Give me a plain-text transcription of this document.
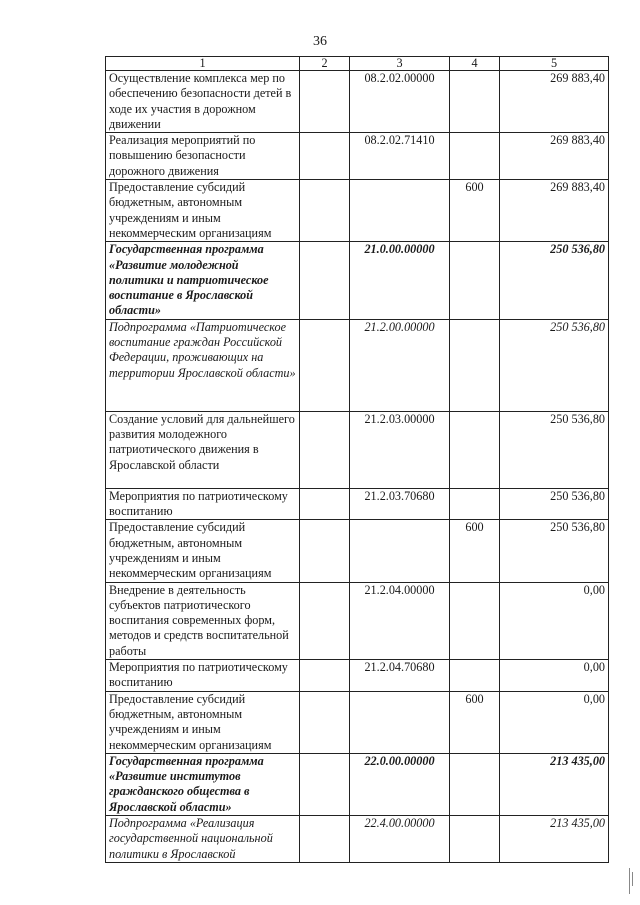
36
1	2	3	4	5
Осуществление комплекса мер по обеспечению безопасности детей в ходе их участия в дорожном движении		08.2.02.00000		269 883,40
Реализация мероприятий по повышению безопасности дорожного движения		08.2.02.71410		269 883,40
Предоставление субсидий бюджетным, автономным учреждениям и иным некоммерческим организациям			600	269 883,40
Государственная программа «Развитие молодежной политики и патриотическое воспитание в Ярославской области»		21.0.00.00000		250 536,80
Подпрограмма «Патриотическое воспитание граждан Российской Федерации, проживающих на территории Ярославской области»		21.2.00.00000		250 536,80
Создание условий для дальнейшего развития молодежного патриотического движения в Ярославской области		21.2.03.00000		250 536,80
Мероприятия по патриотическому воспитанию		21.2.03.70680		250 536,80
Предоставление субсидий бюджетным, автономным учреждениям и иным некоммерческим организациям			600	250 536,80
Внедрение в деятельность субъектов патриотического воспитания современных форм, методов и средств воспитательной работы		21.2.04.00000		0,00
Мероприятия по патриотическому воспитанию		21.2.04.70680		0,00
Предоставление субсидий бюджетным, автономным учреждениям и иным некоммерческим организациям			600	0,00
Государственная программа «Развитие институтов гражданского общества в Ярославской области»		22.0.00.00000		213 435,00
Подпрограмма «Реализация государственной национальной политики в Ярославской		22.4.00.00000		213 435,00
